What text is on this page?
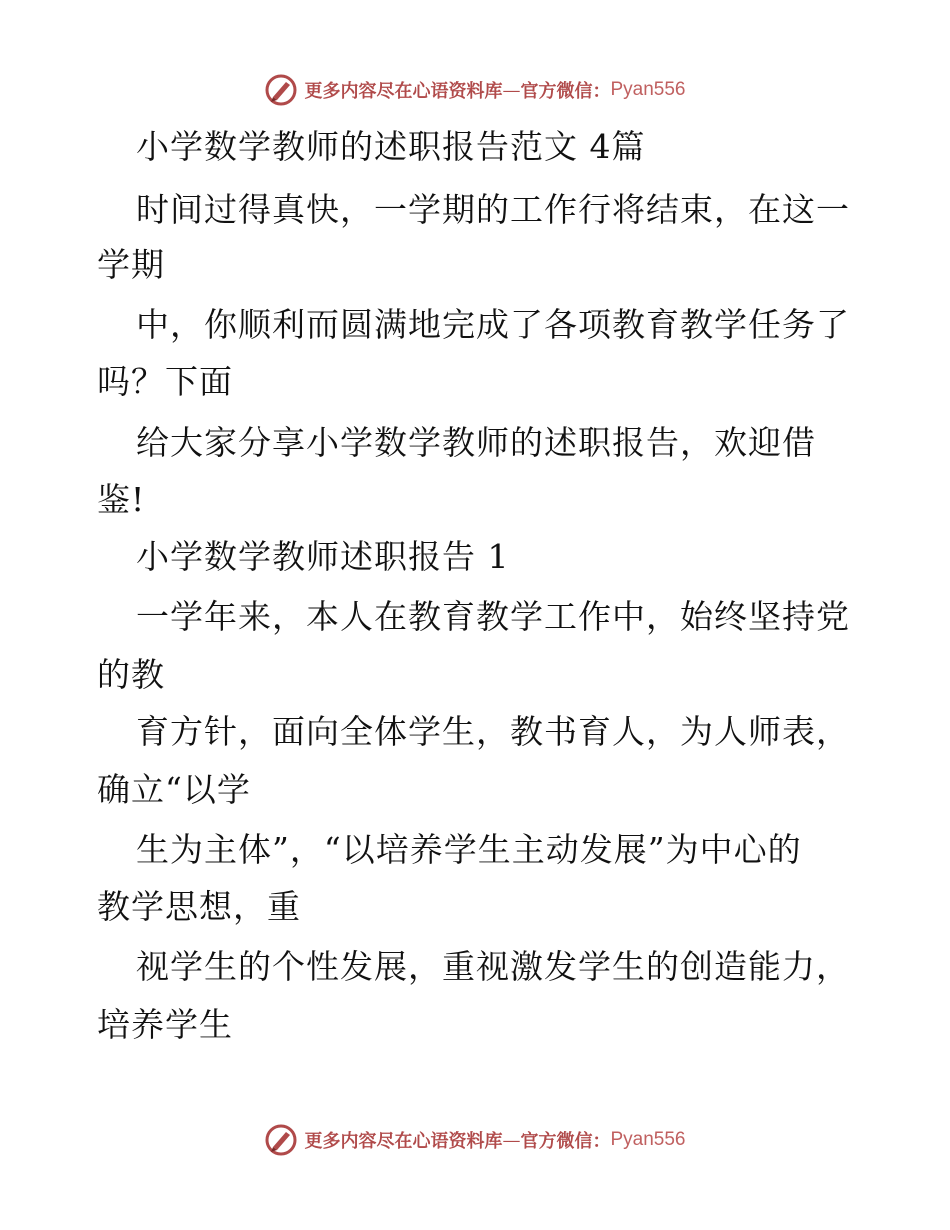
更多内容尽在心语资料库 — 官方微信： Pyan556
小学数学教师的述职报告范文 4篇
时间过得真快，一学期的工作行将结束，在这一
学期
中，你顺利而圆满地完成了各项教育教学任务了
吗？下面
给大家分享小学数学教师的述职报告，欢迎借
鉴!
小学数学教师述职报告 1
一学年来，本人在教育教学工作中，始终坚持党
的教
育方针，面向全体学生，教书育人，为人师表，
确立“以学
生为主体”，“以培养学生主动发展”为中心的
教学思想，重
视学生的个性发展，重视激发学生的创造能力，
培养学生
更多内容尽在心语资料库 — 官方微信： Pyan556
